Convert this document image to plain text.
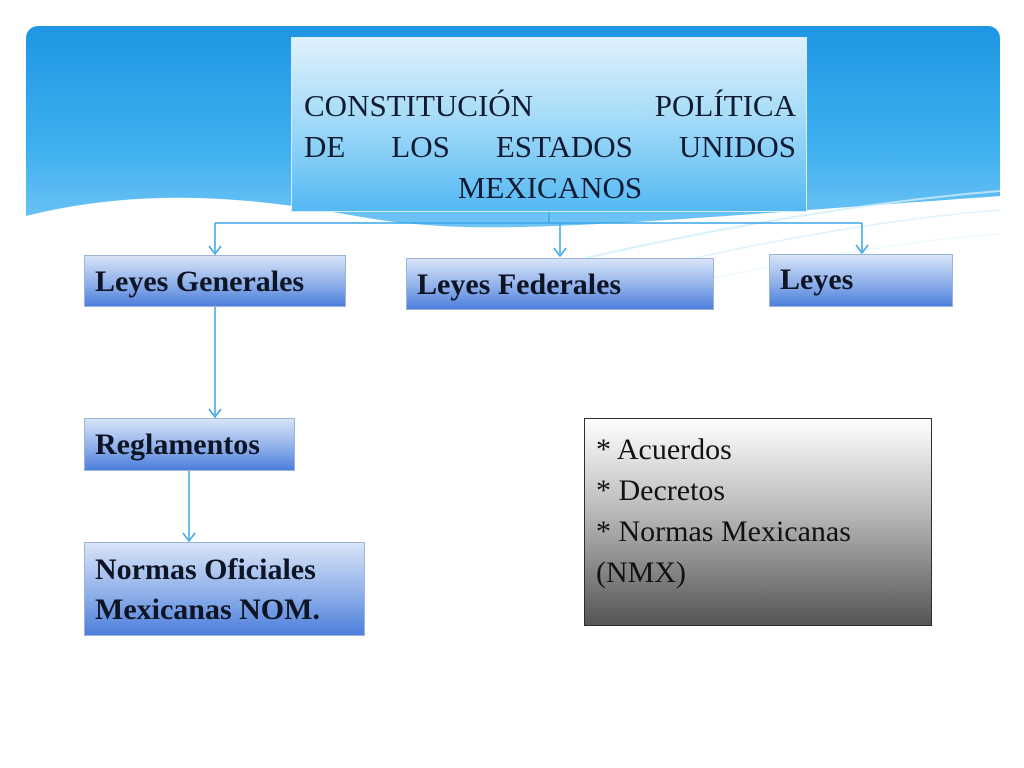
CONSTITUCIÓN	POLÍTICA
DE LOS ESTADOS UNIDOS
MEXICANOS
Leyes Generales	Leyes Federales	Leyes
Reglamentos
Normas Oficiales
Mexicanas NOM.
* Acuerdos
* Decretos
* Normas Mexicanas
(NMX)
